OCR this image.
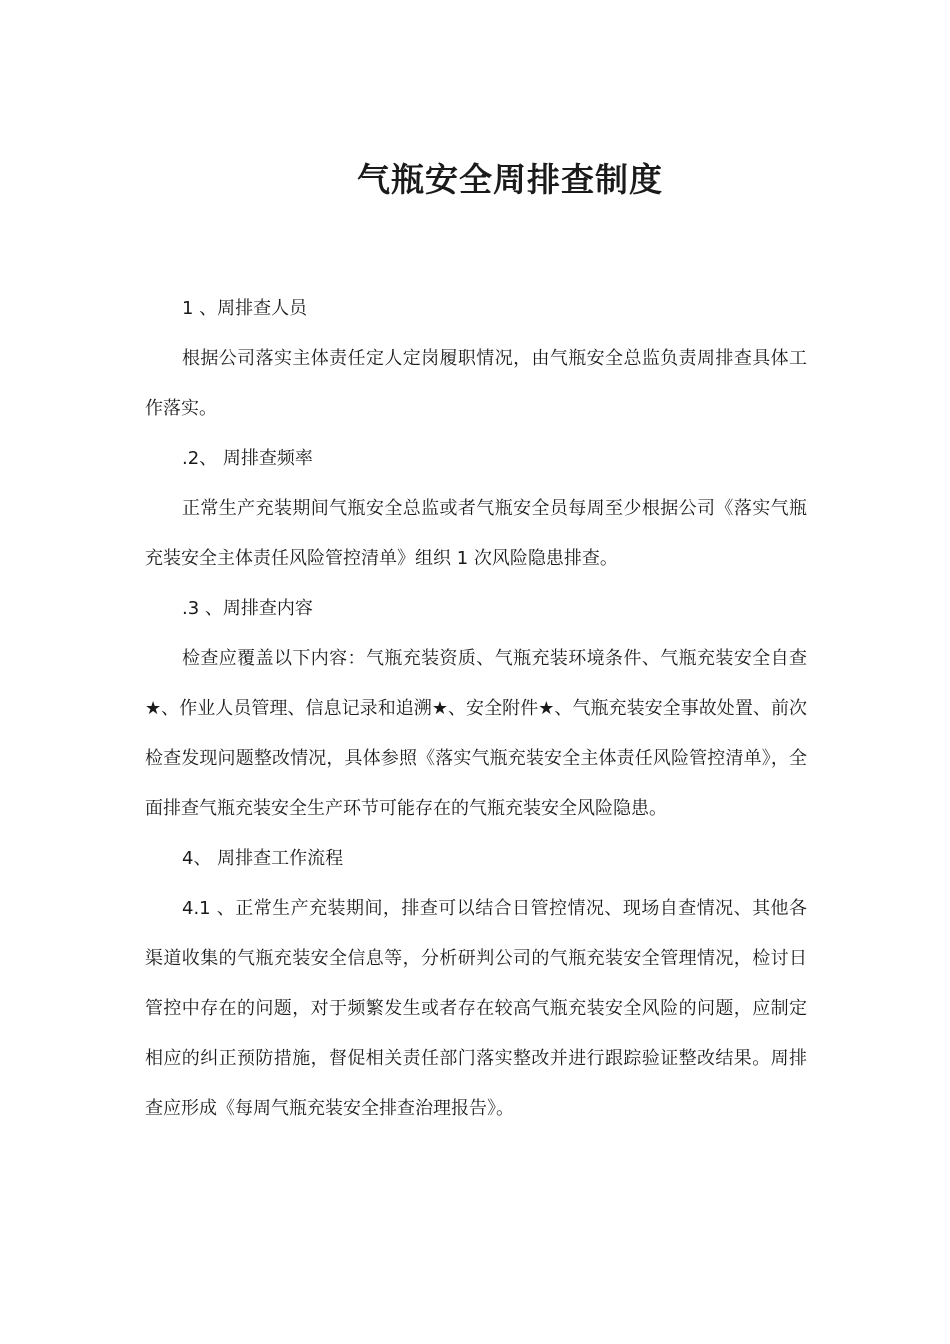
气瓶安全周排查制度

1 、周排查人员

根据公司落实主体责任定人定岗履职情况，由气瓶安全总监负责周排查具体工作落实。

.2、 周排查频率

正常生产充装期间气瓶安全总监或者气瓶安全员每周至少根据公司《落实气瓶充装安全主体责任风险管控清单》组织 1 次风险隐患排查。

.3 、周排查内容

检查应覆盖以下内容：气瓶充装资质、气瓶充装环境条件、气瓶充装安全自查★、作业人员管理、信息记录和追溯★、安全附件★、气瓶充装安全事故处置、前次检查发现问题整改情况，具体参照《落实气瓶充装安全主体责任风险管控清单》，全面排查气瓶充装安全生产环节可能存在的气瓶充装安全风险隐患。

4、 周排查工作流程

4.1 、正常生产充装期间，排查可以结合日管控情况、现场自查情况、其他各渠道收集的气瓶充装安全信息等，分析研判公司的气瓶充装安全管理情况，检讨日管控中存在的问题，对于频繁发生或者存在较高气瓶充装安全风险的问题，应制定相应的纠正预防措施，督促相关责任部门落实整改并进行跟踪验证整改结果。周排查应形成《每周气瓶充装安全排查治理报告》。
